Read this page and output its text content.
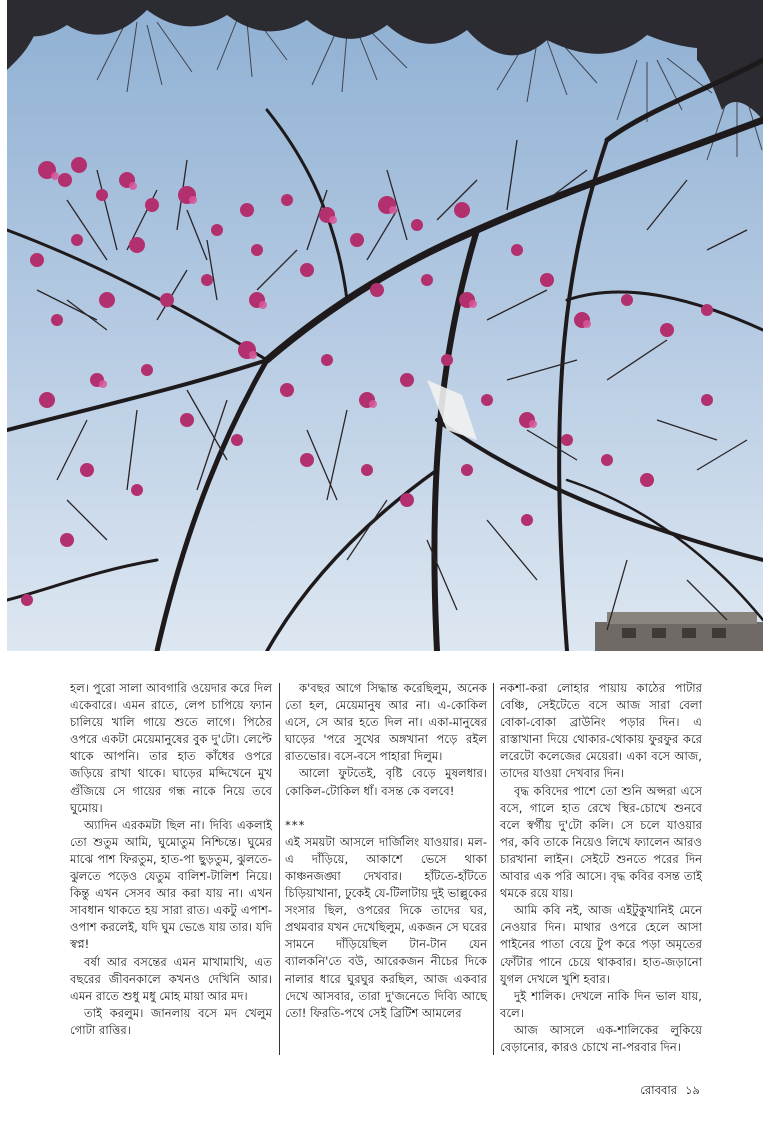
হল। পুরো সালা আবগারি ওয়েদার করে দিল একেবারে। এমন রাতে, লেপ চাপিয়ে ফ্যান চালিয়ে খালি গায়ে শুতে লাগে। পিঠের ওপরে একটা মেয়েমানুষের বুক দু'টো। লেপ্টে থাকে আপনি। তার হাত কাঁধের ওপরে জড়িয়ে রাখা থাকে। ঘাড়ের মদ্দিখেনে মুখ গুঁজিয়ে সে গায়ের গন্ধ নাকে নিয়ে তবে ঘুমোয়।

অ্যাদিন এরকমটা ছিল না। দিব্যি একলাই তো শুতুম আমি, ঘুমোতুম নিশ্চিন্তে। ঘুমের মাঝে পাশ ফিরতুম, হাত-পা ছুড়তুম, ঝুলতে-ঝুলতে পড়েও যেতুম বালিশ-টালিশ নিয়ে। কিন্তু এখন সেসব আর করা যায় না। এখন সাবধান থাকতে হয় সারা রাত। একটু এপাশ-ওপাশ করলেই, যদি ঘুম ভেঙে যায় তার। যদি স্বপ্ন!

বর্ষা আর বসন্তের এমন মাখামাখি, এত বছরের জীবনকালে কখনও দেখিনি আর। এমন রাতে শুধু মধু মোহ মায়া আর মদ।

তাই করলুম। জানলায় বসে মদ খেলুম গোটা রাত্তির।

ক'বছর আগে সিদ্ধান্ত করেছিলুম, অনেক তো হল, মেয়েমানুষ আর না। এ-কোকিল এসে, সে আর হতে দিল না। একা-মানুষের ঘাড়ের 'পরে সুখের অঙ্গখানা পড়ে রইল রাতভোর। বসে-বসে পাহারা দিলুম।

আলো ফুটতেই, বৃষ্টি বেড়ে মুষলধার। কোকিল-টোকিল ধাঁ। বসন্ত কে বলবে!

***

এই সময়টা আসলে দার্জিলিং যাওয়ার। মল-এ দাঁড়িয়ে, আকাশে ভেসে থাকা কাঞ্চনজঙ্ঘা দেখবার। হাঁটতে-হাঁটতে চিড়িয়াখানা, ঢুকেই যে-টিলাটায় দুই ভাল্লুকের সংসার ছিল, ওপরের দিকে তাদের ঘর, প্রথমবার যখন দেখেছিলুম, একজন সে ঘরের সামনে দাঁড়িয়েছিল টান-টান যেন ব্যালকনি'তে বউ, আরেকজন নীচের দিকে নালার ধারে ঘুরঘুর করছিল, আজ একবার দেখে আসবার, তারা দু'জনেতে দিব্যি আছে তো! ফিরতি-পথে সেই ব্রিটিশ আমলের

নকশা-করা লোহার পায়ায় কাঠের পাটার বেঞ্চি, সেইটেতে বসে আজ সারা বেলা বোকা-বোকা ব্রাউনিং পড়ার দিন। এ রাস্তাখানা দিয়ে থোকার-থোকায় ফুরফুর করে লরেটো কলেজের মেয়েরা। একা বসে আজ, তাদের যাওয়া দেখবার দিন।

বৃদ্ধ কবিদের পাশে তো শুনি অপ্সরা এসে বসে, গালে হাত রেখে স্থির-চোখে শুনবে বলে স্বর্গীয় দু'টো কলি। সে চলে যাওয়ার পর, কবি তাকে নিয়েও লিখে ফ্যালেন আরও চারখানা লাইন। সেইটে শুনতে পরের দিন আবার এক পরি আসে। বৃদ্ধ কবির বসন্ত তাই থমকে রয়ে যায়।

আমি কবি নই, আজ এইটুকুখানিই মেনে নেওয়ার দিন। মাথার ওপরে হেলে আসা পাইনের পাতা বেয়ে টুপ করে পড়া অমৃতের ফোঁটার পানে চেয়ে থাকবার। হাত-জড়ানো যুগল দেখলে খুশি হবার।

দুই শালিক। দেখলে নাকি দিন ভাল যায়, বলে।

আজ আসলে এক-শালিকের লুকিয়ে বেড়ানোর, কারও চোখে না-পরবার দিন।

রোববার ১৯
